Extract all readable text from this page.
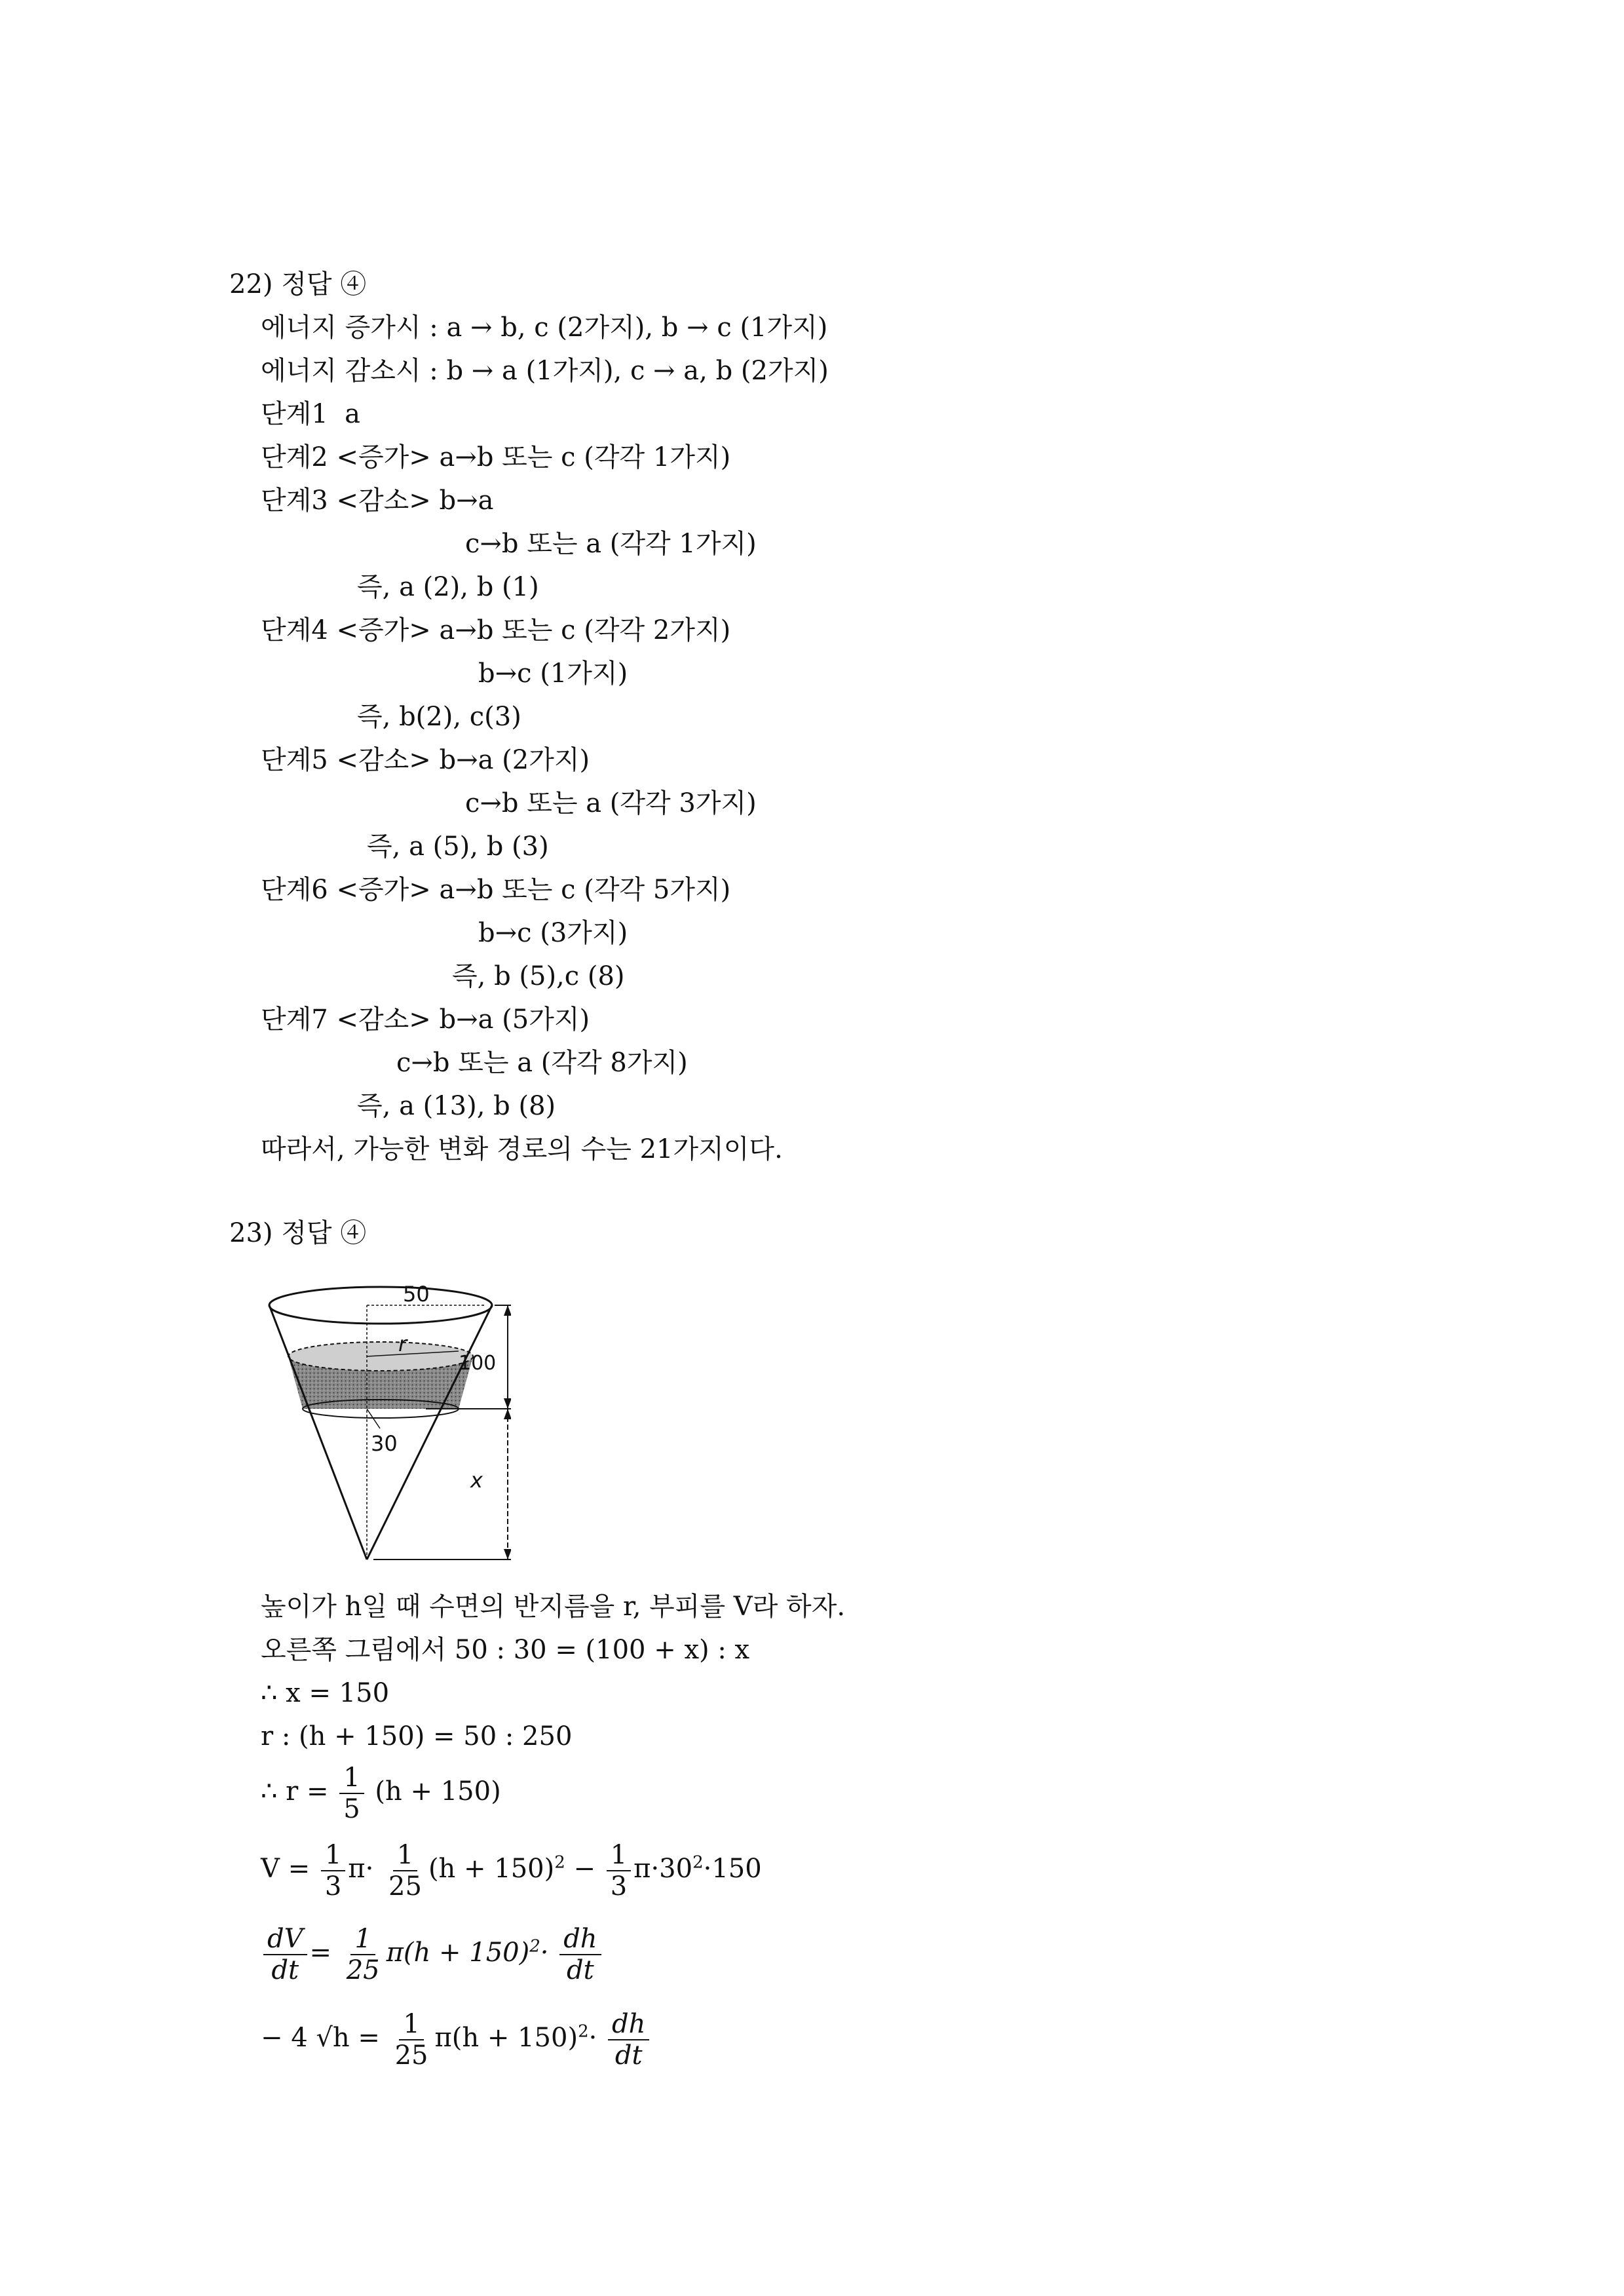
22) 정답 ④
에너지 증가시 : a → b, c (2가지), b → c (1가지)
에너지 감소시 : b → a (1가지), c → a, b (2가지)
단계1  a
단계2 <증가> a→b 또는 c (각각 1가지)
단계3 <감소> b→a
c→b 또는 a (각각 1가지)
즉, a (2), b (1)
단계4 <증가> a→b 또는 c (각각 2가지)
b→c (1가지)
즉, b(2), c(3)
단계5 <감소> b→a (2가지)
c→b 또는 a (각각 3가지)
즉, a (5), b (3)
단계6 <증가> a→b 또는 c (각각 5가지)
b→c (3가지)
즉, b (5),c (8)
단계7 <감소> b→a (5가지)
c→b 또는 a (각각 8가지)
즉, a (13), b (8)
따라서, 가능한 변화 경로의 수는 21가지이다.
23) 정답 ④
50
r
100
30
x
높이가 h일 때 수면의 반지름을 r, 부피를 V라 하자.
오른쪽 그림에서 50 : 30 = (100 + x) : x
∴ x = 150
r : (h + 150) = 50 : 250
∴ $r = \frac{1}{5} (h + 150)$
$V = \frac{1}{3} \pi\cdot \frac{1}{25} (h + 150)^2 - \frac{1}{3} \pi\cdot 30^2\cdot 150$
$\frac{dV}{dt} = \frac{1}{25} \pi(h + 150)^2\cdot \frac{dh}{dt}$
− 4 $√h = \frac{1}{25} \pi(h + 150)^2\cdot \frac{dh}{dt}$
